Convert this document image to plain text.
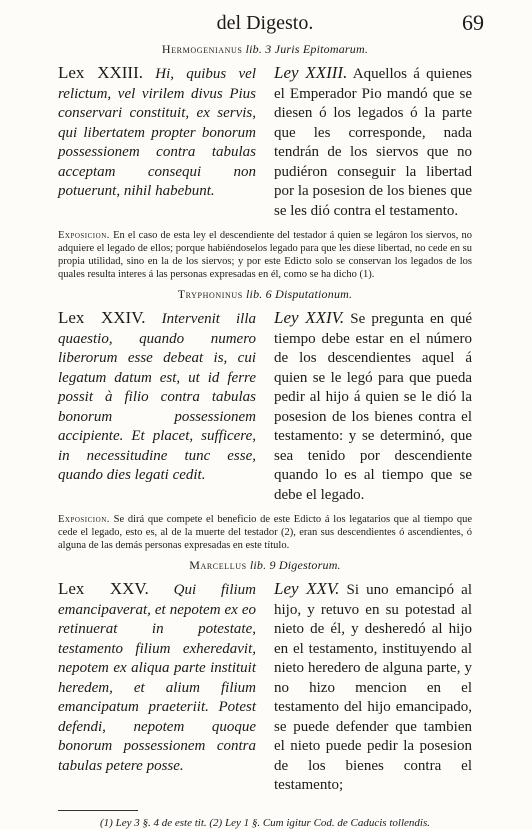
del Digesto.	69
Hermogenianus lib. 3 Juris Epitomarum.
Lex XXIII. Hi, quibus vel relictum, vel virilem divus Pius conservari constituit, ex servis, qui libertatem propter bonorum possessionem contra tabulas acceptam consequi non potuerunt, nihil habebunt.
Ley XXIII. Aquellos á quienes el Emperador Pio mandó que se diesen ó los legados ó la parte que les corresponde, nada tendrán de los siervos que no pudiéron conseguir la libertad por la posesion de los bienes que se les dió contra el testamento.
Exposicion. En el caso de esta ley el descendiente del testador á quien se legáron los siervos, no adquiere el legado de ellos; porque habiéndoselos legado para que les diese libertad, no cede en su propia utilidad, sino en la de los siervos; y por este Edicto solo se conservan los legados de los quales resulta interes á las personas expresadas en él, como se ha dicho (1).
Tryphoninus lib. 6 Disputationum.
Lex XXIV. Intervenit illa quaestio, quando numero liberorum esse debeat is, cui legatum datum est, ut id ferre possit à filio contra tabulas bonorum possessionem accipiente. Et placet, sufficere, in necessitudine tunc esse, quando dies legati cedit.
Ley XXIV. Se pregunta en qué tiempo debe estar en el número de los descendientes aquel á quien se le legó para que pueda pedir al hijo á quien se le dió la posesion de los bienes contra el testamento: y se determinó, que sea tenido por descendiente quando lo es al tiempo que se debe el legado.
Exposicion. Se dirá que compete el beneficio de este Edicto á los legatarios que al tiempo que cede el legado, esto es, al de la muerte del testador (2), eran sus descendientes ó ascendientes, ó alguna de las demás personas expresadas en este título.
Marcellus lib. 9 Digestorum.
Lex XXV. Qui filium emancipaverat, et nepotem ex eo retinuerat in potestate, testamento filium exheredavit, nepotem ex aliqua parte instituit heredem, et alium filium emancipatum praeteriit. Potest defendi, nepotem quoque bonorum possessionem contra tabulas petere posse.
Ley XXV. Si uno emancipó al hijo, y retuvo en su potestad al nieto de él, y desheredó al hijo en el testamento, instituyendo al nieto heredero de alguna parte, y no hizo mencion en el testamento del hijo emancipado, se puede defender que tambien el nieto puede pedir la posesion de los bienes contra el testamento;
(1) Ley 3 §. 4 de este tit. (2) Ley 1 §. Cum igitur Cod. de Caducis tollendis.
